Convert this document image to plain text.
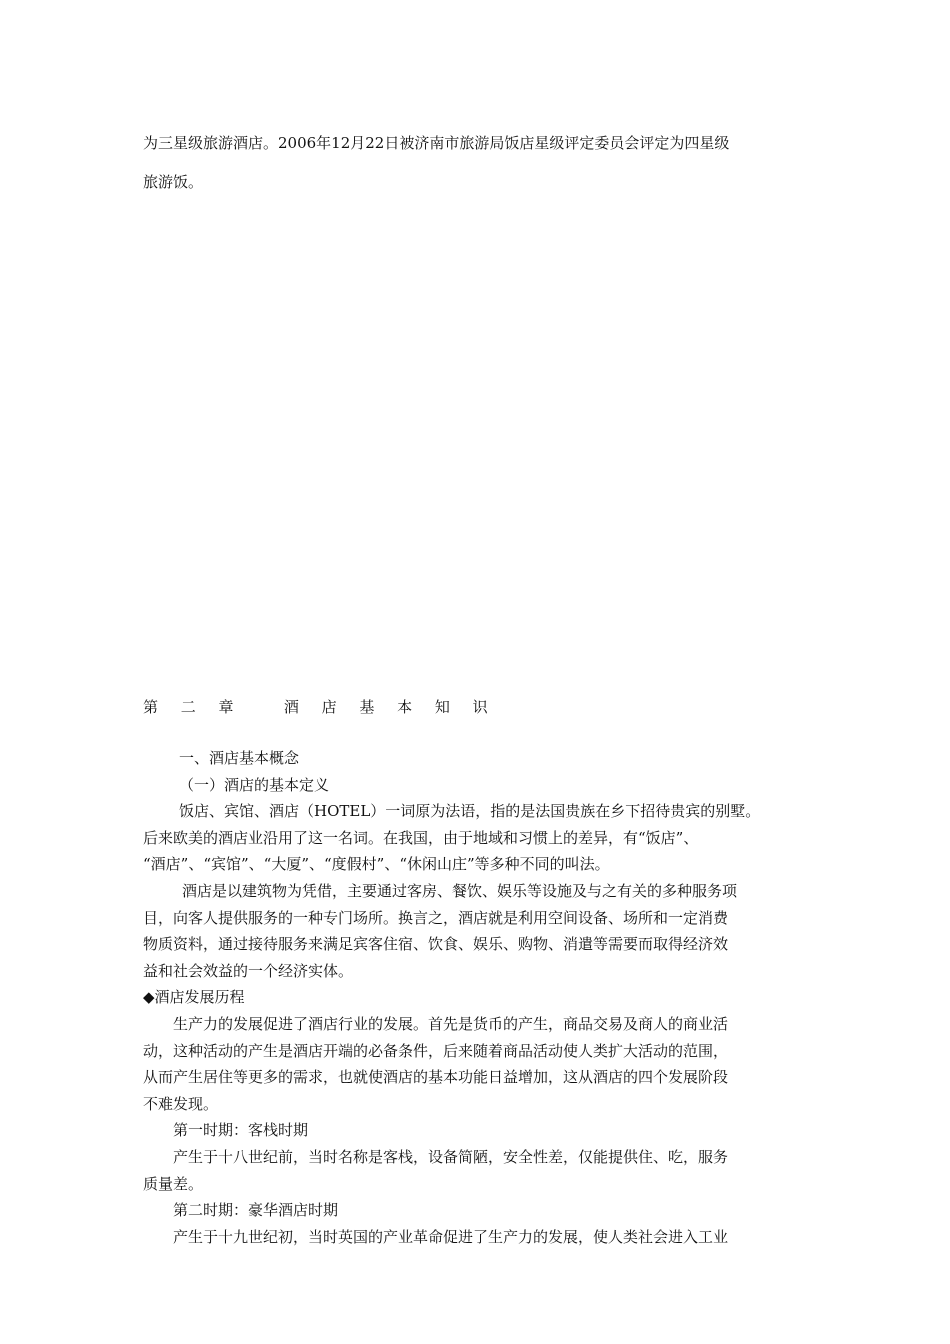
为三星级旅游酒店。2006年12月22日被济南市旅游局饭店星级评定委员会评定为四星级
旅游饭。
第 二 章   酒 店 基 本 知 识

一、酒店基本概念

（一）酒店的基本定义

饭店、宾馆、酒店（HOTEL）一词原为法语，指的是法国贵族在乡下招待贵宾的别墅。

后来欧美的酒店业沿用了这一名词。在我国，由于地域和习惯上的差异，有“饭店”、

“酒店”、“宾馆”、“大厦”、“度假村”、“休闲山庄”等多种不同的叫法。

酒店是以建筑物为凭借，主要通过客房、餐饮、娱乐等设施及与之有关的多种服务项

目，向客人提供服务的一种专门场所。换言之，酒店就是利用空间设备、场所和一定消费

物质资料，通过接待服务来满足宾客住宿、饮食、娱乐、购物、消遣等需要而取得经济效

益和社会效益的一个经济实体。

◆酒店发展历程

生产力的发展促进了酒店行业的发展。首先是货币的产生，商品交易及商人的商业活

动，这种活动的产生是酒店开端的必备条件，后来随着商品活动使人类扩大活动的范围，

从而产生居住等更多的需求，也就使酒店的基本功能日益增加，这从酒店的四个发展阶段

不难发现。

第一时期：客栈时期

产生于十八世纪前，当时名称是客栈，设备简陋，安全性差，仅能提供住、吃，服务

质量差。

第二时期：豪华酒店时期

产生于十九世纪初，当时英国的产业革命促进了生产力的发展，使人类社会进入工业
